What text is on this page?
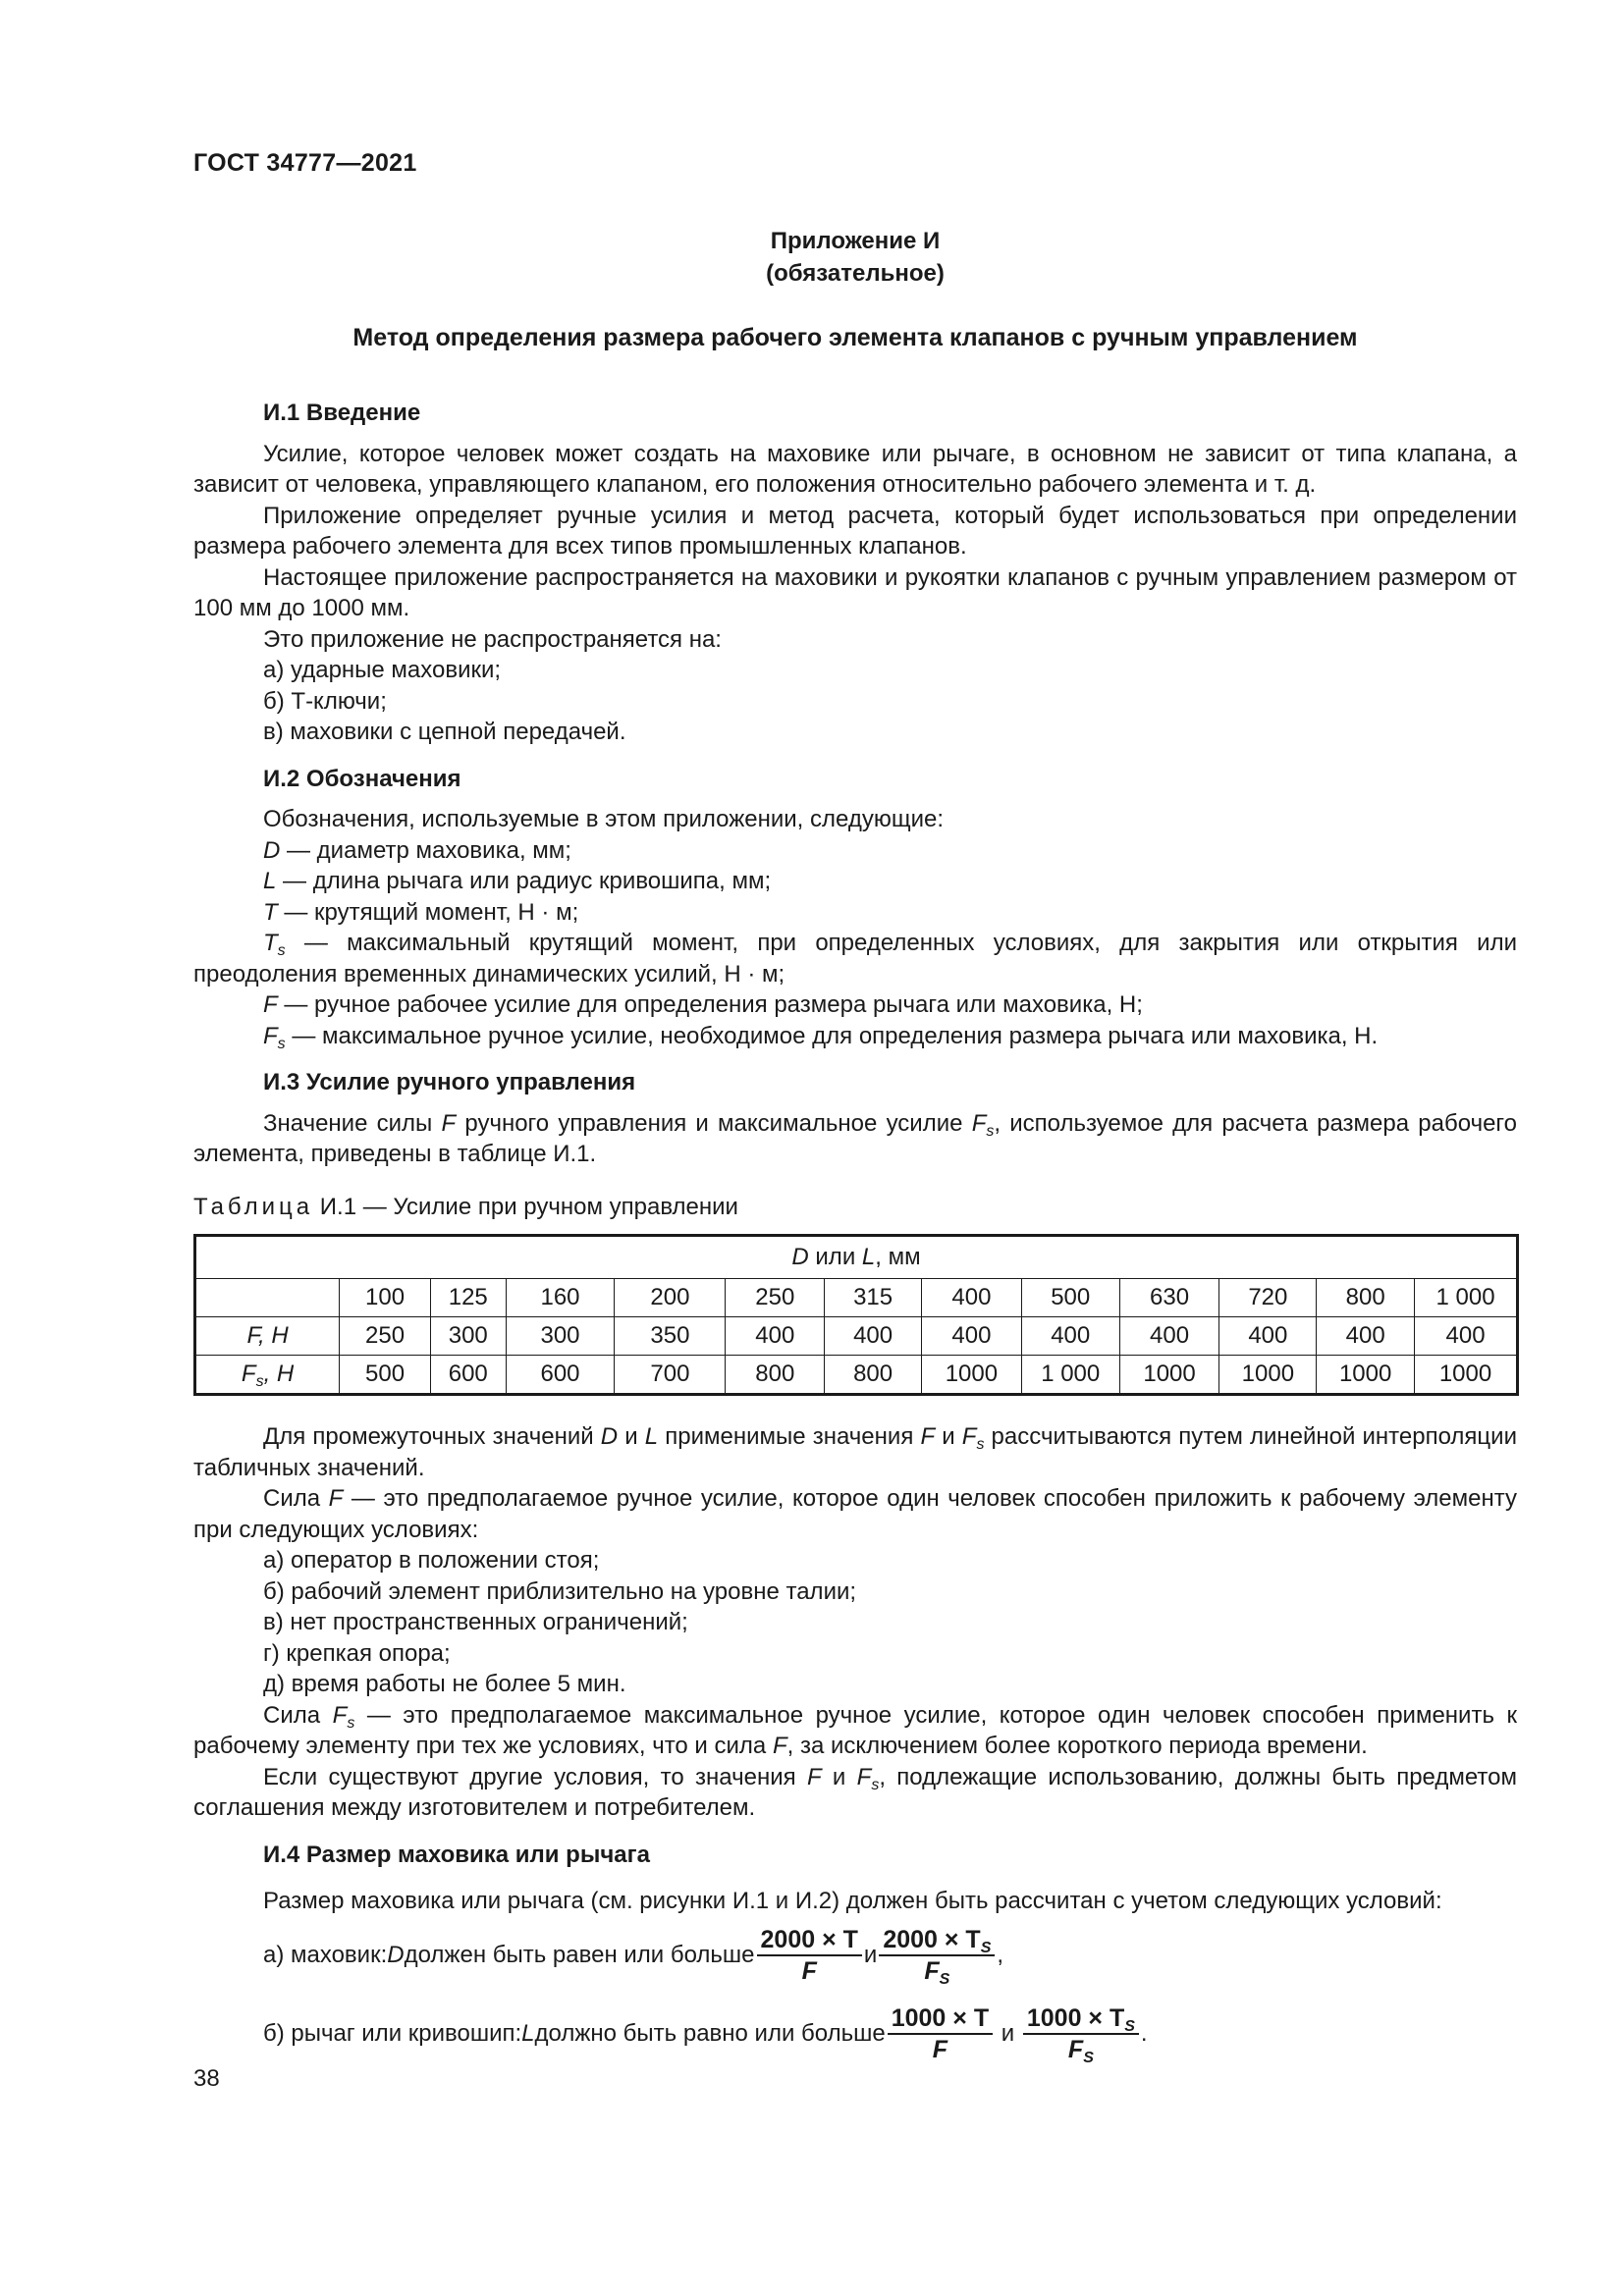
ГОСТ 34777—2021
Приложение И
(обязательное)
Метод определения размера рабочего элемента клапанов с ручным управлением
И.1 Введение

Усилие, которое человек может создать на маховике или рычаге, в основном не зависит от типа клапана, а зависит от человека, управляющего клапаном, его положения относительно рабочего элемента и т. д.

Приложение определяет ручные усилия и метод расчета, который будет использоваться при определении размера рабочего элемента для всех типов промышленных клапанов.

Настоящее приложение распространяется на маховики и рукоятки клапанов с ручным управлением размером от 100 мм до 1000 мм.

Это приложение не распространяется на:

а) ударные маховики;

б) Т-ключи;

в) маховики с цепной передачей.

И.2 Обозначения

Обозначения, используемые в этом приложении, следующие:

D — диаметр маховика, мм;

L — длина рычага или радиус кривошипа, мм;

T — крутящий момент, Н · м;

$T_s$ — максимальный крутящий момент, при определенных условиях, для закрытия или открытия или преодоления временных динамических усилий, Н · м;

F — ручное рабочее усилие для определения размера рычага или маховика, Н;

$F_s$ — максимальное ручное усилие, необходимое для определения размера рычага или маховика, Н.

И.3 Усилие ручного управления

Значение силы F ручного управления и максимальное усилие $F_s$, используемое для расчета размера рабочего элемента, приведены в таблице И.1.

Таблица И.1 — Усилие при ручном управлении

D или L, мм												
	100	125	160	200	250	315	400	500	630	720	800	1 000
F, Н	250	300	300	350	400	400	400	400	400	400	400	400
$F_s$, Н	500	600	600	700	800	800	1000	1 000	1000	1000	1000	1000

Для промежуточных значений D и L применимые значения F и $F_s$ рассчитываются путем линейной интерполяции табличных значений.

Сила F — это предполагаемое ручное усилие, которое один человек способен приложить к рабочему элементу при следующих условиях:

а) оператор в положении стоя;

б) рабочий элемент приблизительно на уровне талии;

в) нет пространственных ограничений;

г) крепкая опора;

д) время работы не более 5 мин.

Сила $F_s$ — это предполагаемое максимальное ручное усилие, которое один человек способен применить к рабочему элементу при тех же условиях, что и сила F, за исключением более короткого периода времени.

Если существуют другие условия, то значения F и $F_s$, подлежащие использованию, должны быть предметом соглашения между изготовителем и потребителем.

И.4 Размер маховика или рычага

Размер маховика или рычага (см. рисунки И.1 и И.2) должен быть рассчитан с учетом следующих условий:

а) маховик: D должен быть равен или больше $\frac{2000 \times T}{F}$ и $\frac{2000 \times T_S}{F_S}$ ,
б) рычаг или кривошип: L должно быть равно или больше $\frac{1000 \times T}{F}$ и $\frac{1000 \times T_S}{F_S}$ .
38
